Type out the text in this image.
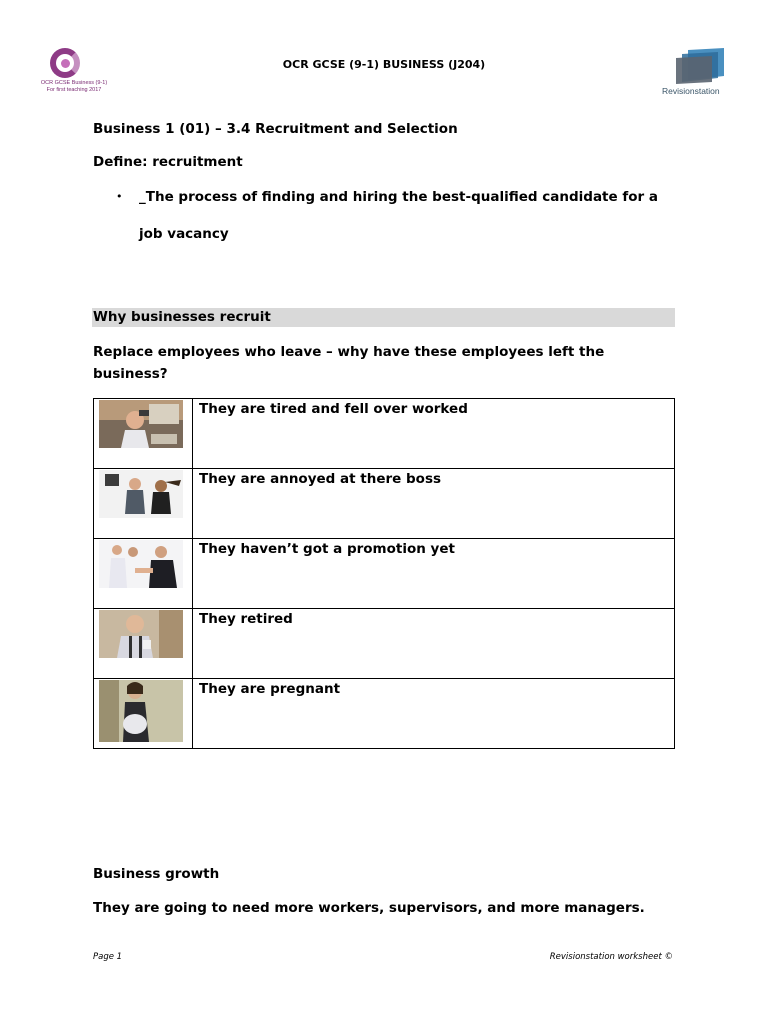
OCR GCSE Business (9-1)
For first teaching 2017
OCR GCSE (9-1) BUSINESS (J204)
Revisionstation
Business 1 (01) – 3.4 Recruitment and Selection
Define: recruitment
• _The process of finding and hiring the best-qualified candidate for a
job vacancy
Why businesses recruit
Replace employees who leave – why have these employees left the
business?
	They are tired and fell over worked

	They are annoyed at there boss

	They haven’t got a promotion yet

	They retired

	They are pregnant
Business growth
They are going to need more workers, supervisors, and more managers.
Page 1	Revisionstation worksheet ©
